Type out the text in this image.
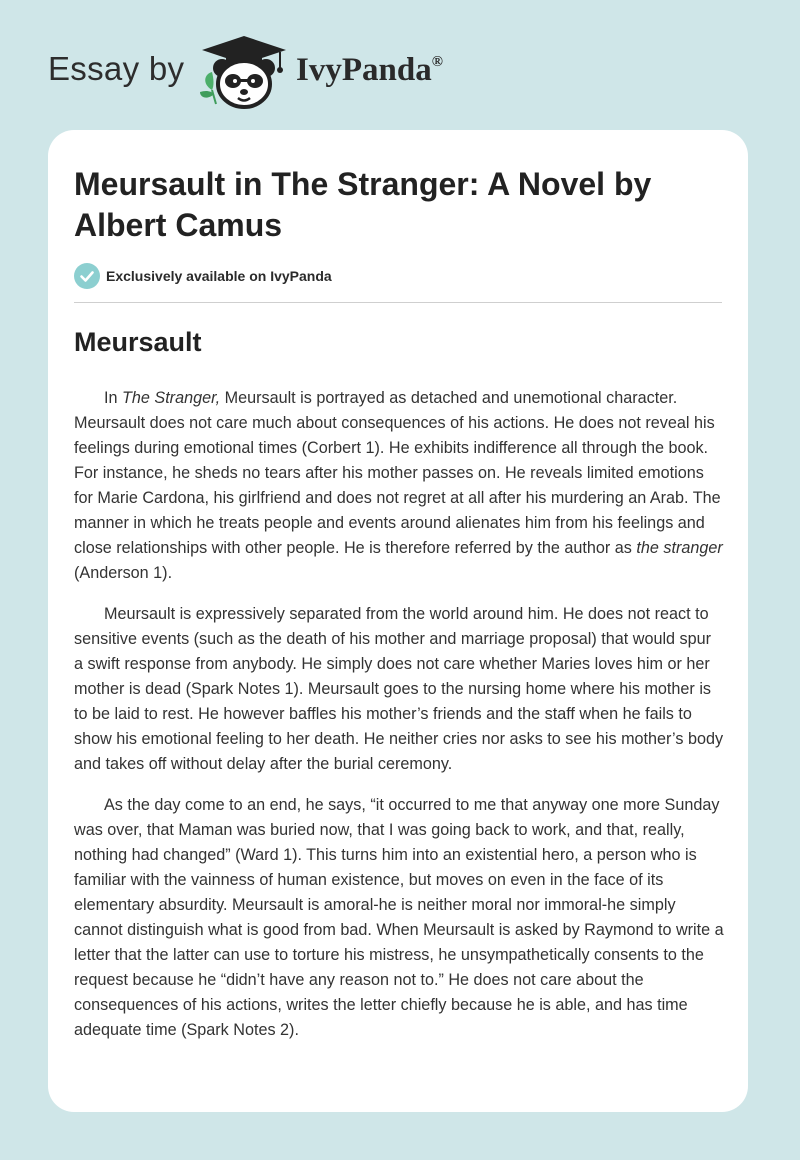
Essay by	IvyPanda®
Meursault in The Stranger: A Novel by Albert Camus
Exclusively available on IvyPanda
Meursault

In The Stranger, Meursault is portrayed as detached and unemotional character. Meursault does not care much about consequences of his actions. He does not reveal his feelings during emotional times (Corbert 1). He exhibits indifference all through the book. For instance, he sheds no tears after his mother passes on. He reveals limited emotions for Marie Cardona, his girlfriend and does not regret at all after his murdering an Arab. The manner in which he treats people and events around alienates him from his feelings and close relationships with other people. He is therefore referred by the author as the stranger (Anderson 1).

Meursault is expressively separated from the world around him. He does not react to sensitive events (such as the death of his mother and marriage proposal) that would spur a swift response from anybody. He simply does not care whether Maries loves him or her mother is dead (Spark Notes 1). Meursault goes to the nursing home where his mother is to be laid to rest. He however baffles his mother’s friends and the staff when he fails to show his emotional feeling to her death. He neither cries nor asks to see his mother’s body and takes off without delay after the burial ceremony.

As the day come to an end, he says, “it occurred to me that anyway one more Sunday was over, that Maman was buried now, that I was going back to work, and that, really, nothing had changed” (Ward 1). This turns him into an existential hero, a person who is familiar with the vainness of human existence, but moves on even in the face of its elementary absurdity. Meursault is amoral-he is neither moral nor immoral-he simply cannot distinguish what is good from bad. When Meursault is asked by Raymond to write a letter that the latter can use to torture his mistress, he unsympathetically consents to the request because he “didn’t have any reason not to.” He does not care about the consequences of his actions, writes the letter chiefly because he is able, and has time adequate time (Spark Notes 2).
